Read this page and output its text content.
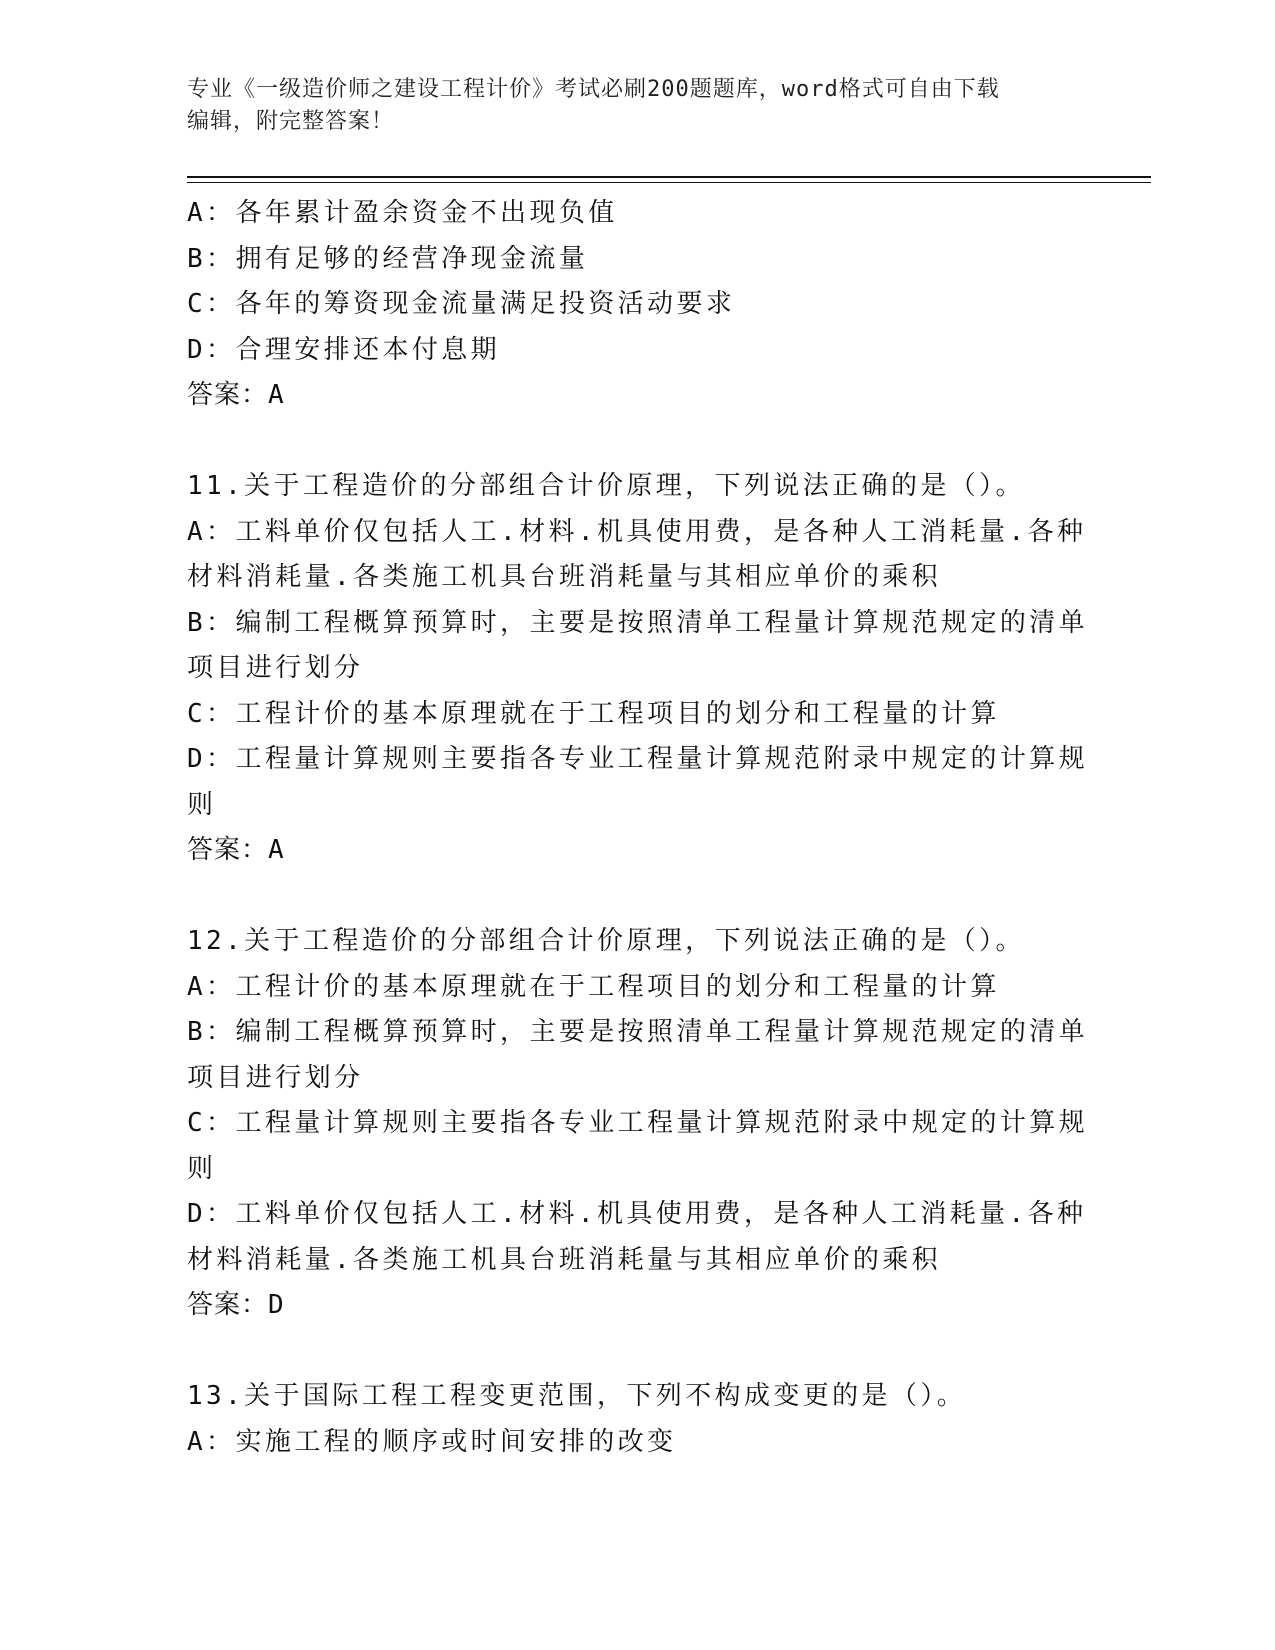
专业《一级造价师之建设工程计价》考试必刷200题题库，word格式可自由下载
编辑，附完整答案！
A：各年累计盈余资金不出现负值
B：拥有足够的经营净现金流量
C：各年的筹资现金流量满足投资活动要求
D：合理安排还本付息期
答案：A
11.关于工程造价的分部组合计价原理，下列说法正确的是（）。
A：工料单价仅包括人工.材料.机具使用费，是各种人工消耗量.各种
材料消耗量.各类施工机具台班消耗量与其相应单价的乘积
B：编制工程概算预算时，主要是按照清单工程量计算规范规定的清单
项目进行划分
C：工程计价的基本原理就在于工程项目的划分和工程量的计算
D：工程量计算规则主要指各专业工程量计算规范附录中规定的计算规
则
答案：A
12.关于工程造价的分部组合计价原理，下列说法正确的是（）。
A：工程计价的基本原理就在于工程项目的划分和工程量的计算
B：编制工程概算预算时，主要是按照清单工程量计算规范规定的清单
项目进行划分
C：工程量计算规则主要指各专业工程量计算规范附录中规定的计算规
则
D：工料单价仅包括人工.材料.机具使用费，是各种人工消耗量.各种
材料消耗量.各类施工机具台班消耗量与其相应单价的乘积
答案：D
13.关于国际工程工程变更范围，下列不构成变更的是（）。
A：实施工程的顺序或时间安排的改变
